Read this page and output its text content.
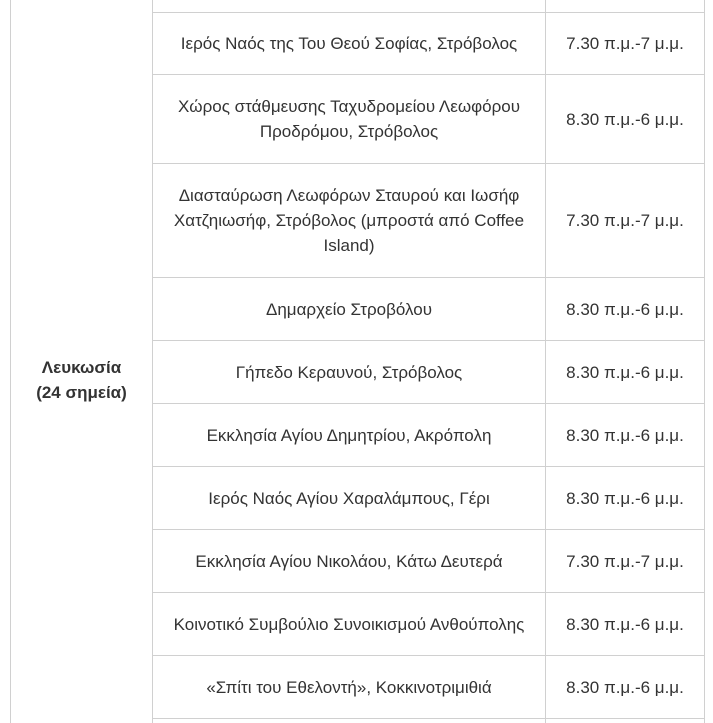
Λευκωσία
(24 σημεία)		

	Ιερός Ναός της Του Θεού Σοφίας, Στρόβολος	7.30 π.μ.-7 μ.μ.
	Χώρος στάθμευσης Ταχυδρομείου Λεωφόρου Προδρόμου, Στρόβολος	8.30 π.μ.-6 μ.μ.
	Διασταύρωση Λεωφόρων Σταυρού και Ιωσήφ Χατζηιωσήφ, Στρόβολος (μπροστά από Coffee Island)	7.30 π.μ.-7 μ.μ.
	Δημαρχείο Στροβόλου	8.30 π.μ.-6 μ.μ.
	Γήπεδο Κεραυνού, Στρόβολος	8.30 π.μ.-6 μ.μ.
	Εκκλησία Αγίου Δημητρίου, Ακρόπολη	8.30 π.μ.-6 μ.μ.
	Ιερός Ναός Αγίου Χαραλάμπους, Γέρι	8.30 π.μ.-6 μ.μ.
	Εκκλησία Αγίου Νικολάου, Κάτω Δευτερά	7.30 π.μ.-7 μ.μ.
	Κοινοτικό Συμβούλιο Συνοικισμού Ανθούπολης	8.30 π.μ.-6 μ.μ.
	«Σπίτι του Εθελοντή», Κοκκινοτριμιθιά	8.30 π.μ.-6 μ.μ.
